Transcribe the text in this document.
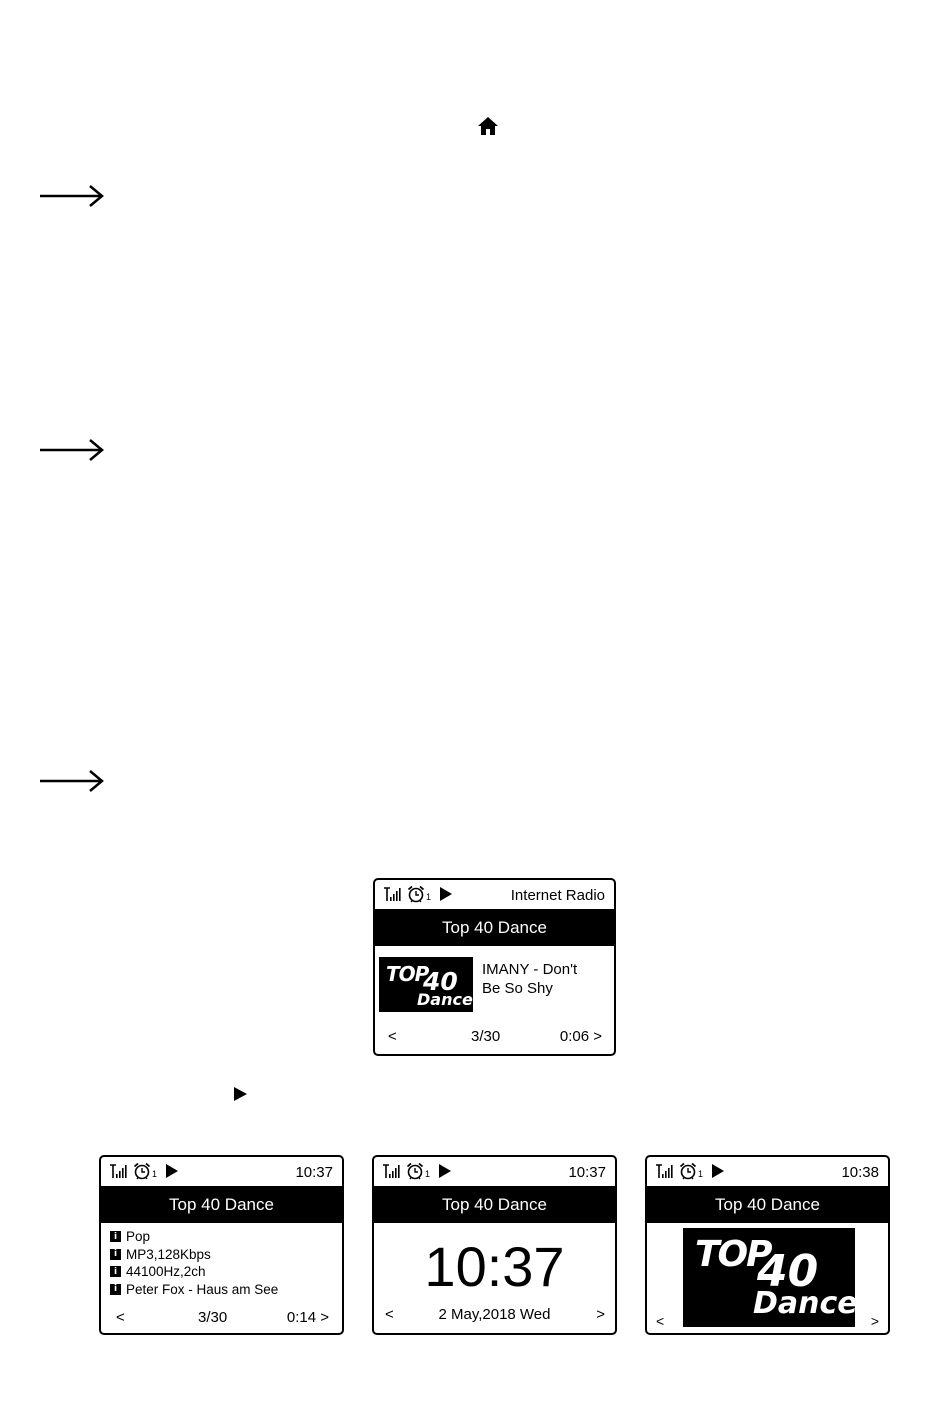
1	Internet Radio
Top 40 Dance
TOP
40
Dance
IMANY - Don't
Be So Shy
<	3/30	0:06 >
1	10:37
Top 40 Dance
i Pop
i MP3,128Kbps
i 44100Hz,2ch
i Peter Fox - Haus am See
<	3/30	0:14 >
1	10:37
Top 40 Dance
10:37
<	2 May,2018 Wed	>
1	10:38
Top 40 Dance
TOP
40
Dance
<	>
